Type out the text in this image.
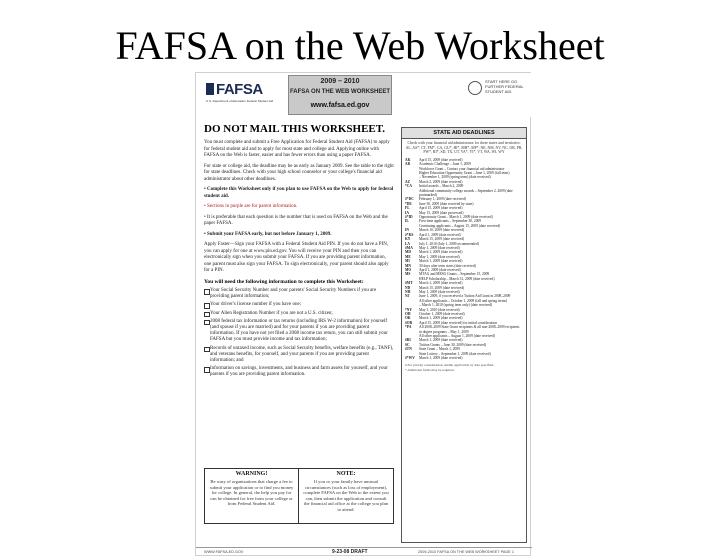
FAFSA on the Web Worksheet
FAFSA
U.S. Department of Education Federal Student Aid
2009 – 2010
FAFSA ON THE WEB WORKSHEET
www.fafsa.ed.gov
START HERE GO FURTHER FEDERAL STUDENT AID
DO NOT MAIL THIS WORKSHEET.
You must complete and submit a Free Application for Federal Student Aid (FAFSA) to apply for federal student aid and to apply for most state and college aid. Applying online with FAFSA on the Web is faster, easier and has fewer errors than using a paper FAFSA.
For state or college aid, the deadline may be as early as January 2009. See the table to the right for state deadlines. Check with your high school counselor or your college's financial aid administrator about other deadlines.
• Complete this Worksheet only if you plan to use FAFSA on the Web to apply for federal student aid.
• Sections in purple are for parent information.
• It is preferable that each question is the number that is used on FAFSA on the Web and the paper FAFSA.
• Submit your FAFSA early, but not before January 1, 2009.
Apply Faster—Sign your FAFSA with a Federal Student Aid PIN. If you do not have a PIN, you can apply for one at www.pin.ed.gov. You will receive your PIN and then you can electronically sign when you submit your FAFSA. If you are providing parent information, one parent must also sign your FAFSA. To sign electronically, your parent should also apply for a PIN.
You will need the following information to complete this Worksheet:
Your Social Security Number and your parents' Social Security Numbers if you are providing parent information;
Your driver's license number if you have one;
Your Alien Registration Number if you are not a U.S. citizen;
2008 federal tax information or tax returns (including IRS W-2 information) for yourself (and spouse if you are married) and for your parents if you are providing parent information. If you have not yet filed a 2008 income tax return, you can still submit your FAFSA but you must provide income and tax information;
Records of untaxed income, such as Social Security benefits, welfare benefits (e.g., TANF), and veterans benefits, for yourself, and your parents if you are providing parent information; and
Information on savings, investments, and business and farm assets for yourself, and your parents if you are providing parent information.
WARNING!
Be wary of organizations that charge a fee to submit your application or to find you money for college. In general, the help you pay for can be obtained for free from your college or from Federal Student Aid.
NOTE:
If you or your family have unusual circumstances (such as loss of employment), complete FAFSA on the Web to the extent you can, then submit the application and consult the financial aid office at the college you plan to attend.
STATE AID DEADLINES
Check with your financial aid administrator for these states and territories: AL, AS*, CT, FM*, GA, GU*, HI*, MH*, MP*, NE, NM, NV, NC, OR, PR, PW*, RI*, SD, TX, UT, VA*, VI*, VT, WA, WI, WY
AK	April 15, 2009 (date received)
AR	Academic Challenge – June 1, 2009
Workforce Grant – Contact your financial aid administrator
Higher Education Opportunity Grant – June 1, 2009 (fall term)
– November 1, 2009 (spring term) (date received)
AZ	March 2, 2009 (date received)
*CA	Initial awards – March 2, 2009
Additional community college awards – September 2, 2009 (date postmarked)
#*DC	February 1, 2009 (date received)
*DE	June 30, 2009 (date received by state)
FL	April 15, 2009 (date received)
IA	May 15, 2009 (date processed)
#*ID	Opportunity Grant – March 1, 2009 (date received)
IL	First-time applicants – September 30, 2009
Continuing applicants – August 15, 2009 (date received)
IN	March 10, 2009 (date received)
#*KS	April 1, 2009 (date received)
KY	March 15, 2009 (date received)
LA	July 1, 2010 (July 1, 2009 recommended)
#MA	May 1, 2009 (date received)
MD	March 1, 2009 (date received)
ME	May 1, 2009 (date received)
MI	March 1, 2009 (date received)
MN	30 days after term starts (date received)
MO	April 1, 2009 (date received)
MS	MTAG and MESG Grants – September 15, 2009
HELP Scholarship – March 31, 2009 (date received)
#MT	March 1, 2009 (date received)
ND	March 15, 2009 (date received)
NH	May 1, 2009 (date received)
NJ	June 1, 2009, if you received a Tuition Aid Grant in 2008–2009
All other applicants – October 1, 2009 (fall and spring terms)
– March 1, 2010 (spring term only) (date received)
*NY	May 1, 2010 (date received)
OH	October 1, 2009 (date received)
OK	March 1, 2009 (date received)
#OR	April 15, 2009 (date received) for initial consideration
*PA	All 2008–2009 State Grant recipients & all non-2008–2009 recipients in degree programs – May 1, 2009
All other applicants – August 1, 2009 (date received)
#RI	March 1, 2009 (date received)
SC	Tuition Grants – June 30, 2009 (date received)
#TN	State Grant – March 1, 2009
State Lottery – September 1, 2009 (date received)
#*WV	March 1, 2009 (date received)
# For priority consideration, submit application by date specified.
* Additional forms may be required.
WWW.FAFSA.ED.GOV	9-23-08 DRAFT	2009-2010 FAFSA ON THE WEB WORKSHEET PAGE 1
